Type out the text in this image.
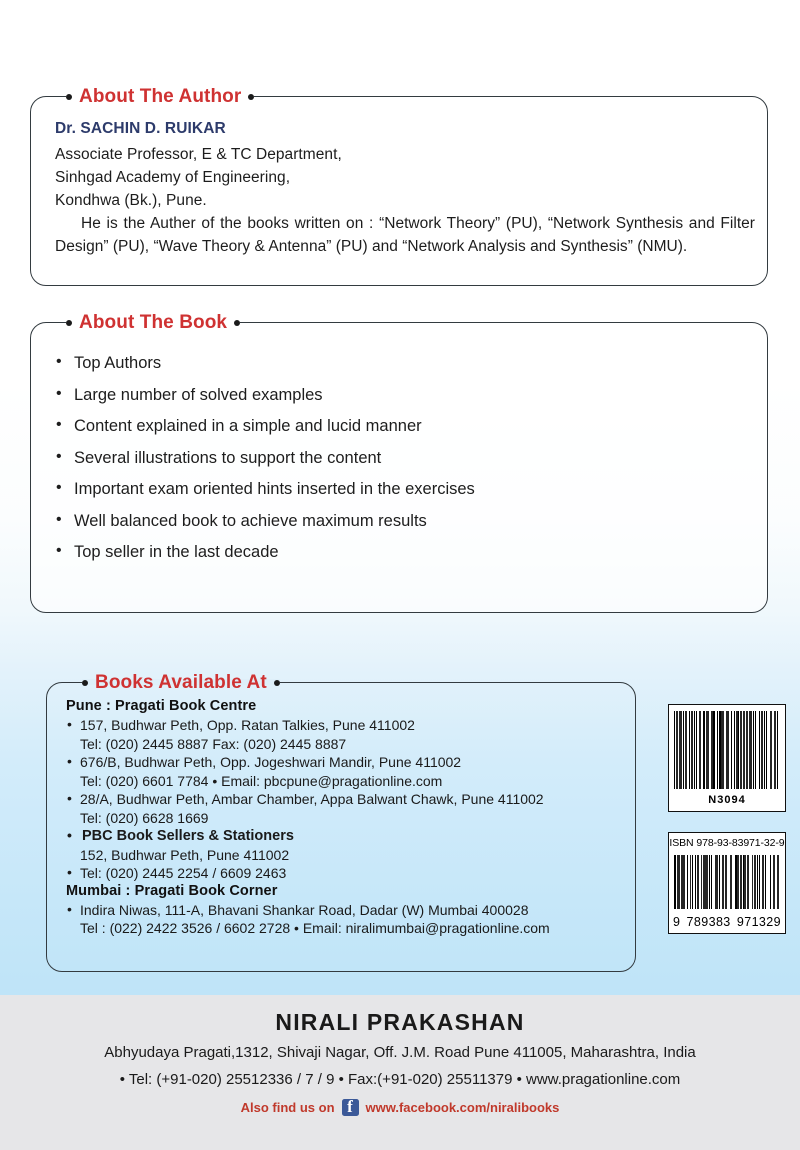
About The Author
Dr. SACHIN D. RUIKAR
Associate Professor, E & TC Department,
Sinhgad Academy of Engineering,
Kondhwa (Bk.), Pune.
He is the Auther of the books written on : “Network Theory” (PU), “Network Synthesis and Filter Design” (PU), “Wave Theory & Antenna” (PU) and “Network Analysis and Synthesis” (NMU).
About The Book
• Top Authors
• Large number of solved examples
• Content explained in a simple and lucid manner
• Several illustrations to support the content
• Important exam oriented hints inserted in the exercises
• Well balanced book to achieve maximum results
• Top seller in the last decade
Books Available At
Pune : Pragati Book Centre
• 157, Budhwar Peth, Opp. Ratan Talkies, Pune 411002
Tel: (020) 2445 8887 Fax: (020) 2445 8887
• 676/B, Budhwar Peth, Opp. Jogeshwari Mandir, Pune 411002
Tel: (020) 6601 7784 • Email: pbcpune@pragationline.com
• 28/A, Budhwar Peth, Ambar Chamber, Appa Balwant Chawk, Pune 411002
Tel: (020) 6628 1669
• PBC Book Sellers & Stationers
152, Budhwar Peth, Pune 411002
• Tel: (020) 2445 2254 / 6609 2463
Mumbai : Pragati Book Corner
• Indira Niwas, 111-A, Bhavani Shankar Road, Dadar (W) Mumbai 400028
Tel : (022) 2422 3526 / 6602 2728 • Email: niralimumbai@pragationline.com
N3094
ISBN 978-93-83971-32-9
9 789383 971329
NIRALI PRAKASHAN
Abhyudaya Pragati,1312, Shivaji Nagar, Off. J.M. Road Pune 411005, Maharashtra, India
• Tel: (+91-020) 25512336 / 7 / 9 • Fax:(+91-020) 25511379 • www.pragationline.com
Also find us on f www.facebook.com/niralibooks
